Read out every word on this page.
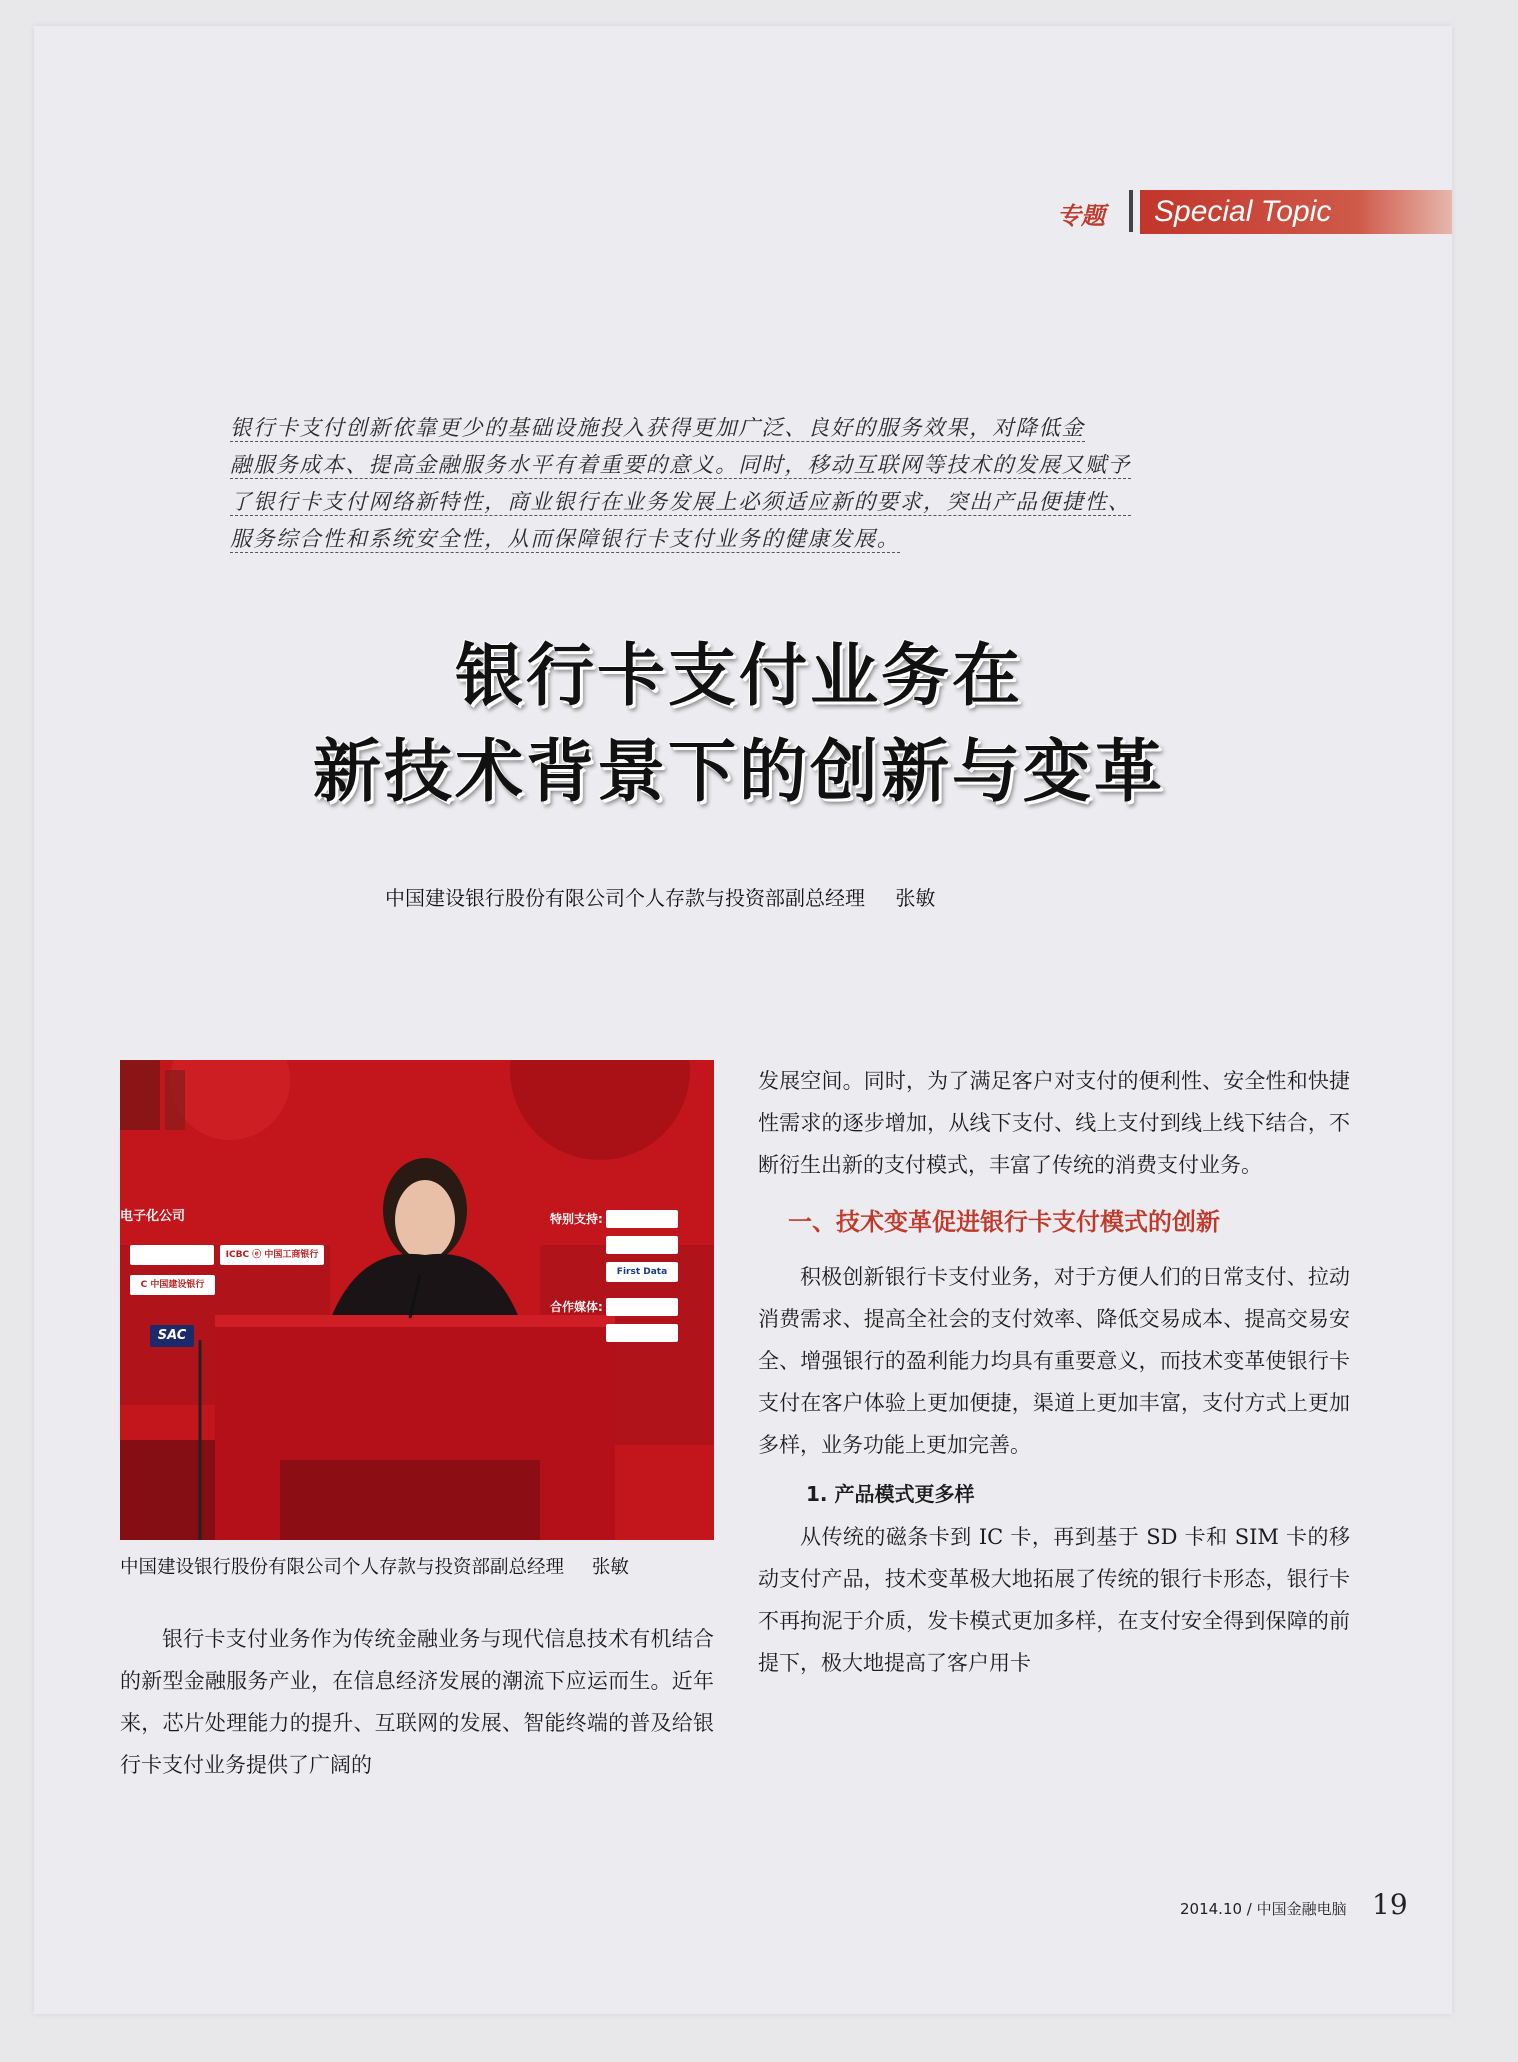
专题	Special Topic
银行卡支付创新依靠更少的基础设施投入获得更加广泛、良好的服务效果，对降低金
融服务成本、提高金融服务水平有着重要的意义。同时，移动互联网等技术的发展又赋予
了银行卡支付网络新特性，商业银行在业务发展上必须适应新的要求，突出产品便捷性、
服务综合性和系统安全性，从而保障银行卡支付业务的健康发展。
银行卡支付业务在
新技术背景下的创新与变革
中国建设银行股份有限公司个人存款与投资部副总经理 张敏
电子化公司	特别支持:
合作媒体:
ICBC ⓔ 中国工商银行
C 中国建设银行
First Data
SAC
中国建设银行股份有限公司个人存款与投资部副总经理 张敏

银行卡支付业务作为传统金融业务与现代信息技术有机结合的新型金融服务产业，在信息经济发展的潮流下应运而生。近年来，芯片处理能力的提升、互联网的发展、智能终端的普及给银行卡支付业务提供了广阔的

发展空间。同时，为了满足客户对支付的便利性、安全性和快捷性需求的逐步增加，从线下支付、线上支付到线上线下结合，不断衍生出新的支付模式，丰富了传统的消费支付业务。

一、技术变革促进银行卡支付模式的创新

积极创新银行卡支付业务，对于方便人们的日常支付、拉动消费需求、提高全社会的支付效率、降低交易成本、提高交易安全、增强银行的盈利能力均具有重要意义，而技术变革使银行卡支付在客户体验上更加便捷，渠道上更加丰富，支付方式上更加多样，业务功能上更加完善。

1. 产品模式更多样

从传统的磁条卡到 IC 卡，再到基于 SD 卡和 SIM 卡的移动支付产品，技术变革极大地拓展了传统的银行卡形态，银行卡不再拘泥于介质，发卡模式更加多样，在支付安全得到保障的前提下，极大地提高了客户用卡

2014.10 / 中国金融电脑 19
